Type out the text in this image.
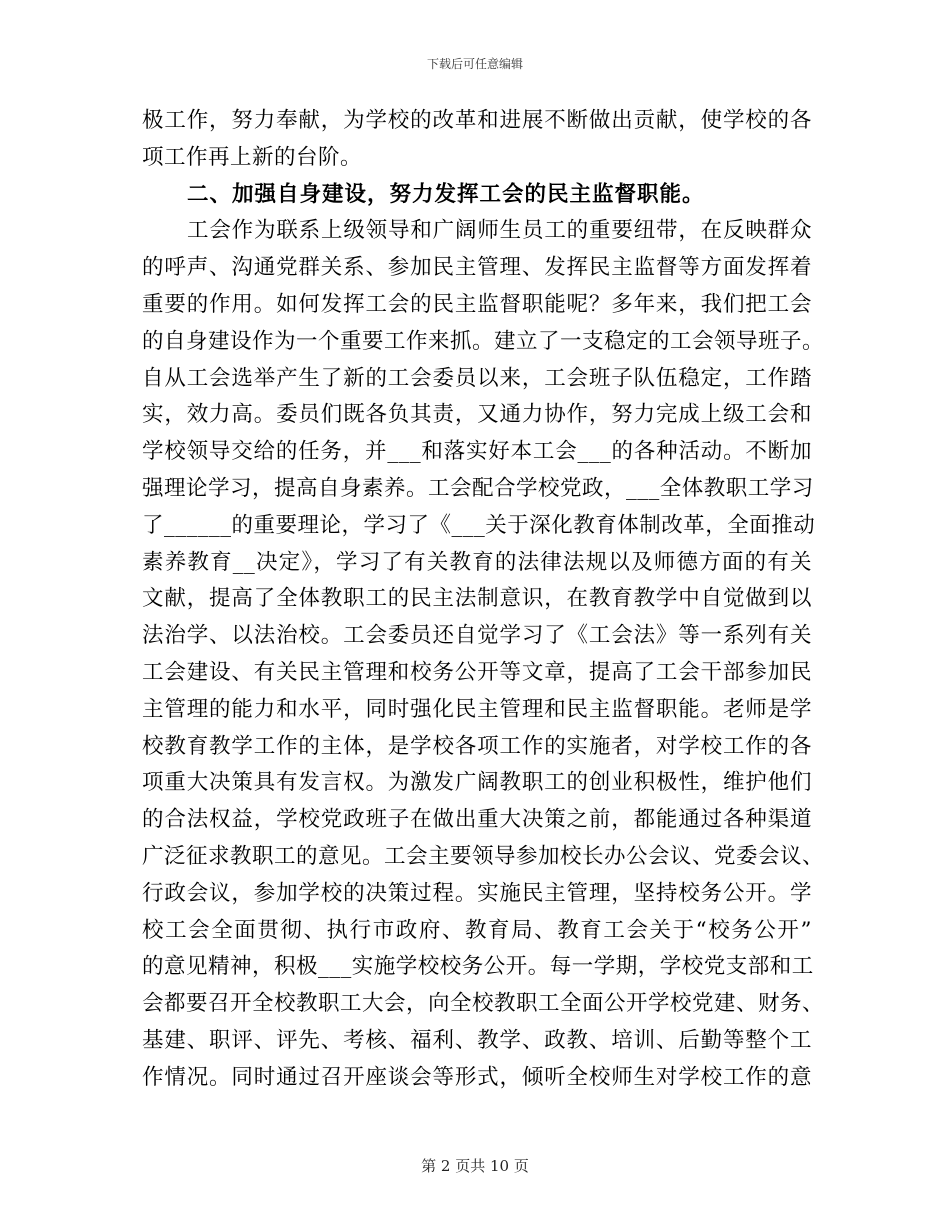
下载后可任意编辑
极工作，努力奉献，为学校的改革和进展不断做出贡献，使学校的各
项工作再上新的台阶。
二、加强自身建设，努力发挥工会的民主监督职能。
工会作为联系上级领导和广阔师生员工的重要纽带，在反映群众
的呼声、沟通党群关系、参加民主管理、发挥民主监督等方面发挥着
重要的作用。如何发挥工会的民主监督职能呢？多年来，我们把工会
的自身建设作为一个重要工作来抓。建立了一支稳定的工会领导班子。
自从工会选举产生了新的工会委员以来，工会班子队伍稳定，工作踏
实，效力高。委员们既各负其责，又通力协作，努力完成上级工会和
学校领导交给的任务，并___和落实好本工会___的各种活动。不断加
强理论学习，提高自身素养。工会配合学校党政，___全体教职工学习
了______的重要理论，学习了《___关于深化教育体制改革，全面推动
素养教育__决定》，学习了有关教育的法律法规以及师德方面的有关
文献，提高了全体教职工的民主法制意识，在教育教学中自觉做到以
法治学、以法治校。工会委员还自觉学习了《工会法》等一系列有关
工会建设、有关民主管理和校务公开等文章，提高了工会干部参加民
主管理的能力和水平，同时强化民主管理和民主监督职能。老师是学
校教育教学工作的主体，是学校各项工作的实施者，对学校工作的各
项重大决策具有发言权。为激发广阔教职工的创业积极性，维护他们
的合法权益，学校党政班子在做出重大决策之前，都能通过各种渠道
广泛征求教职工的意见。工会主要领导参加校长办公会议、党委会议、
行政会议，参加学校的决策过程。实施民主管理，坚持校务公开。学
校工会全面贯彻、执行市政府、教育局、教育工会关于“校务公开”
的意见精神，积极___实施学校校务公开。每一学期，学校党支部和工
会都要召开全校教职工大会，向全校教职工全面公开学校党建、财务、
基建、职评、评先、考核、福利、教学、政教、培训、后勤等整个工
作情况。同时通过召开座谈会等形式，倾听全校师生对学校工作的意
第 2 页共 10 页
